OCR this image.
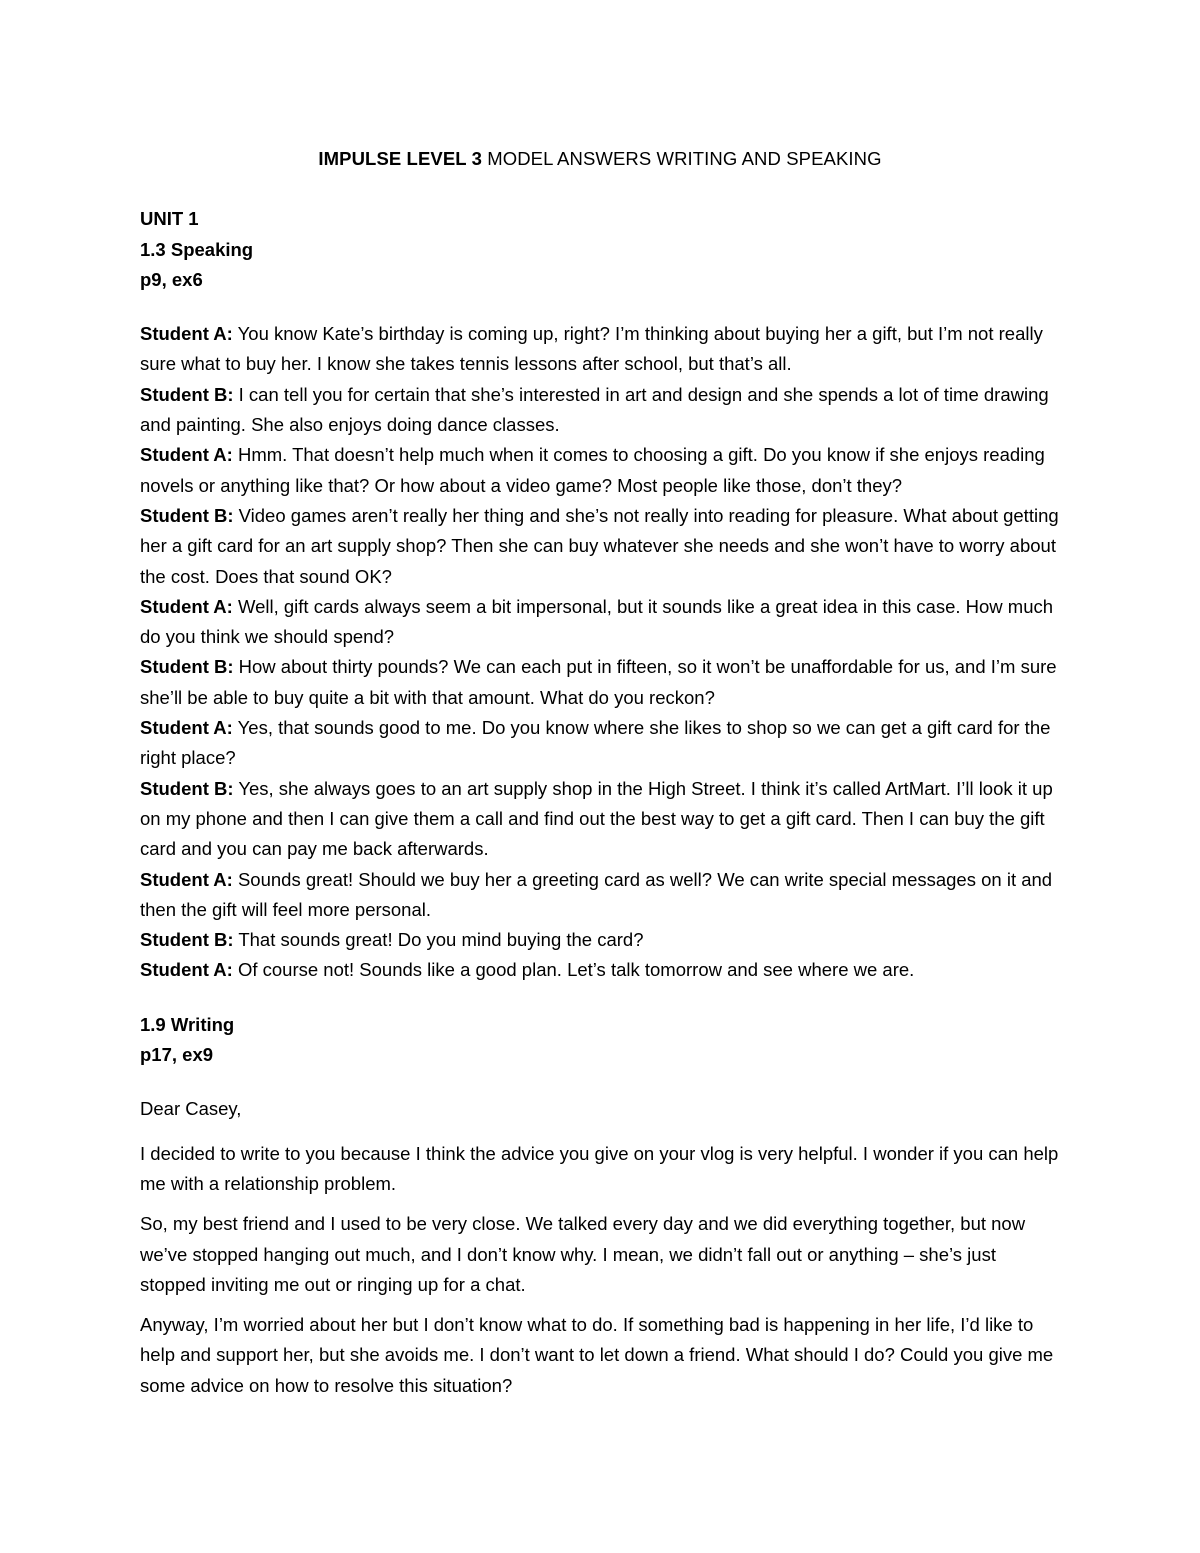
IMPULSE LEVEL 3 MODEL ANSWERS WRITING AND SPEAKING

UNIT 1

1.3 Speaking

p9, ex6

Student A: You know Kate’s birthday is coming up, right? I’m thinking about buying her a gift, but I’m not really sure what to buy her. I know she takes tennis lessons after school, but that’s all.

Student B: I can tell you for certain that she’s interested in art and design and she spends a lot of time drawing and painting. She also enjoys doing dance classes.

Student A: Hmm. That doesn’t help much when it comes to choosing a gift. Do you know if she enjoys reading novels or anything like that? Or how about a video game? Most people like those, don’t they?

Student B: Video games aren’t really her thing and she’s not really into reading for pleasure. What about getting her a gift card for an art supply shop? Then she can buy whatever she needs and she won’t have to worry about the cost. Does that sound OK?

Student A: Well, gift cards always seem a bit impersonal, but it sounds like a great idea in this case. How much do you think we should spend?

Student B: How about thirty pounds? We can each put in fifteen, so it won’t be unaffordable for us, and I’m sure she’ll be able to buy quite a bit with that amount. What do you reckon?

Student A: Yes, that sounds good to me. Do you know where she likes to shop so we can get a gift card for the right place?

Student B: Yes, she always goes to an art supply shop in the High Street. I think it’s called ArtMart. I’ll look it up on my phone and then I can give them a call and find out the best way to get a gift card. Then I can buy the gift card and you can pay me back afterwards.

Student A: Sounds great! Should we buy her a greeting card as well? We can write special messages on it and then the gift will feel more personal.

Student B: That sounds great! Do you mind buying the card?

Student A: Of course not! Sounds like a good plan. Let’s talk tomorrow and see where we are.

1.9 Writing

p17, ex9

Dear Casey,

I decided to write to you because I think the advice you give on your vlog is very helpful. I wonder if you can help me with a relationship problem.

So, my best friend and I used to be very close. We talked every day and we did everything together, but now we’ve stopped hanging out much, and I don’t know why. I mean, we didn’t fall out or anything – she’s just stopped inviting me out or ringing up for a chat.

Anyway, I’m worried about her but I don’t know what to do. If something bad is happening in her life, I’d like to help and support her, but she avoids me. I don’t want to let down a friend. What should I do? Could you give me some advice on how to resolve this situation?
